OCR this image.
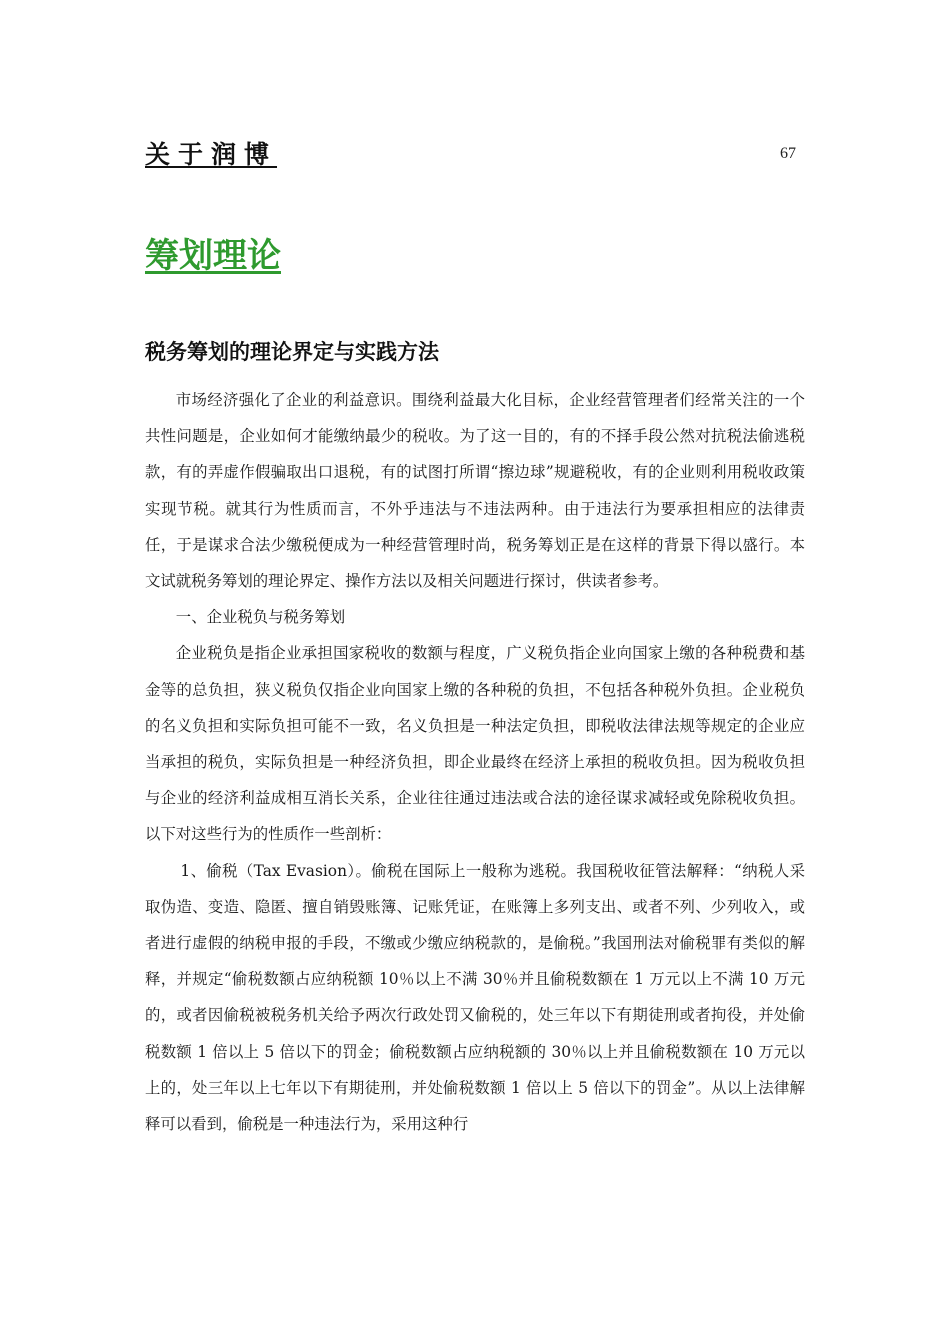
关于润博	67
筹划理论
税务筹划的理论界定与实践方法

市场经济强化了企业的利益意识。围绕利益最大化目标，企业经营管理者们经常关注的一个共性问题是，企业如何才能缴纳最少的税收。为了这一目的，有的不择手段公然对抗税法偷逃税款，有的弄虚作假骗取出口退税，有的试图打所谓“擦边球”规避税收，有的企业则利用税收政策实现节税。就其行为性质而言，不外乎违法与不违法两种。由于违法行为要承担相应的法律责任，于是谋求合法少缴税便成为一种经营管理时尚，税务筹划正是在这样的背景下得以盛行。本文试就税务筹划的理论界定、操作方法以及相关问题进行探讨，供读者参考。

一、企业税负与税务筹划

企业税负是指企业承担国家税收的数额与程度，广义税负指企业向国家上缴的各种税费和基金等的总负担，狭义税负仅指企业向国家上缴的各种税的负担，不包括各种税外负担。企业税负的名义负担和实际负担可能不一致，名义负担是一种法定负担，即税收法律法规等规定的企业应当承担的税负，实际负担是一种经济负担，即企业最终在经济上承担的税收负担。因为税收负担与企业的经济利益成相互消长关系，企业往往通过违法或合法的途径谋求减轻或免除税收负担。以下对这些行为的性质作一些剖析：

1、偷税（Tax Evasion）。偷税在国际上一般称为逃税。我国税收征管法解释：“纳税人采取伪造、变造、隐匿、擅自销毁账簿、记账凭证，在账簿上多列支出、或者不列、少列收入，或者进行虚假的纳税申报的手段，不缴或少缴应纳税款的，是偷税。”我国刑法对偷税罪有类似的解释，并规定“偷税数额占应纳税额 10％以上不满 30％并且偷税数额在 1 万元以上不满 10 万元的，或者因偷税被税务机关给予两次行政处罚又偷税的，处三年以下有期徒刑或者拘役，并处偷税数额 1 倍以上 5 倍以下的罚金；偷税数额占应纳税额的 30％以上并且偷税数额在 10 万元以上的，处三年以上七年以下有期徒刑，并处偷税数额 1 倍以上 5 倍以下的罚金”。从以上法律解释可以看到，偷税是一种违法行为，采用这种行
